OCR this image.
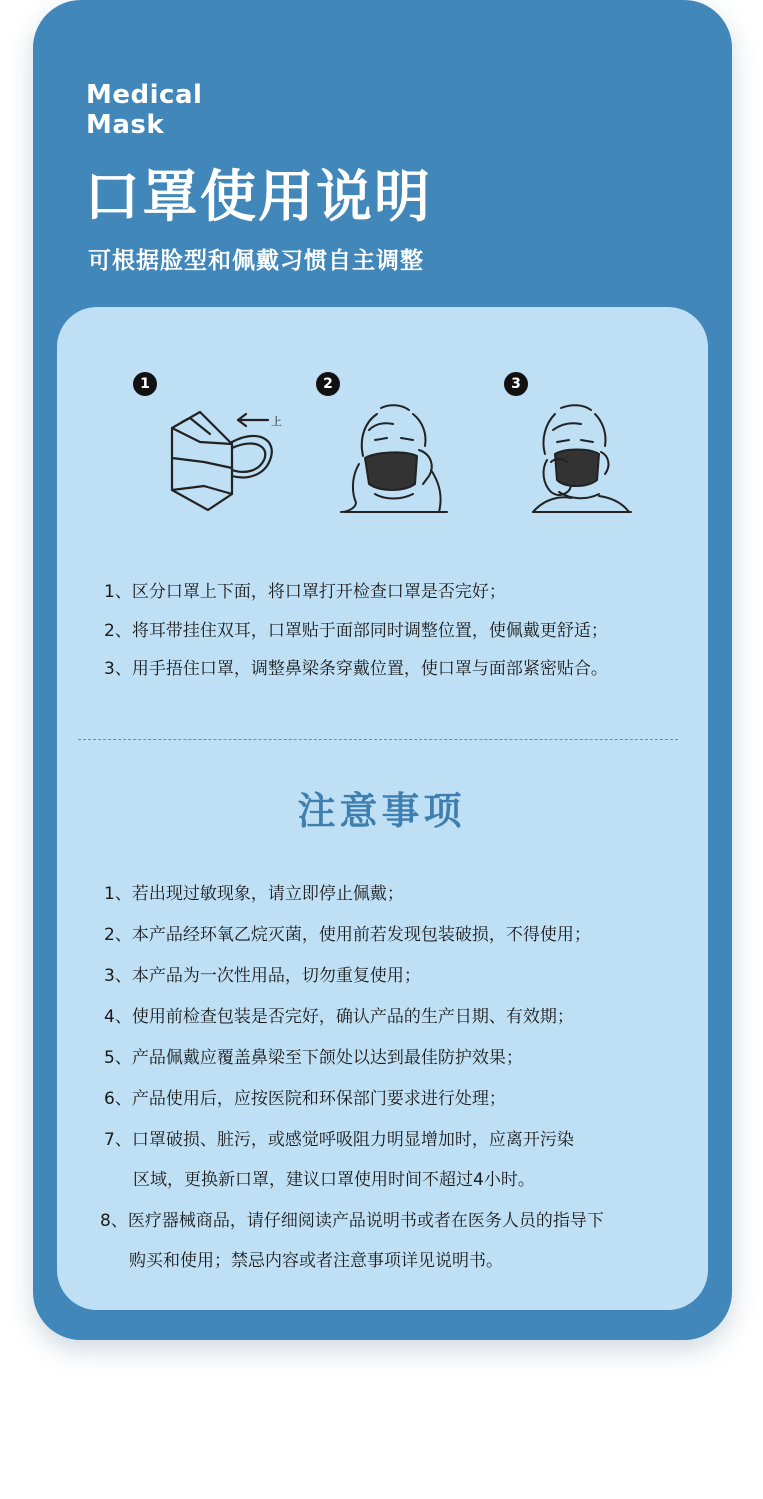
Medical
Mask
口罩使用说明
可根据脸型和佩戴习惯自主调整
1	2	3
上
1、区分口罩上下面，将口罩打开检查口罩是否完好；
2、将耳带挂住双耳，口罩贴于面部同时调整位置，使佩戴更舒适；
3、用手捂住口罩，调整鼻梁条穿戴位置，使口罩与面部紧密贴合。
注意事项
1、若出现过敏现象，请立即停止佩戴；
2、本产品经环氧乙烷灭菌，使用前若发现包装破损，不得使用；
3、本产品为一次性用品，切勿重复使用；
4、使用前检查包装是否完好，确认产品的生产日期、有效期；
5、产品佩戴应覆盖鼻梁至下颌处以达到最佳防护效果；
6、产品使用后，应按医院和环保部门要求进行处理；
7、口罩破损、脏污，或感觉呼吸阻力明显增加时，应离开污染
区域，更换新口罩，建议口罩使用时间不超过4小时。
8、医疗器械商品，请仔细阅读产品说明书或者在医务人员的指导下
购买和使用；禁忌内容或者注意事项详见说明书。
